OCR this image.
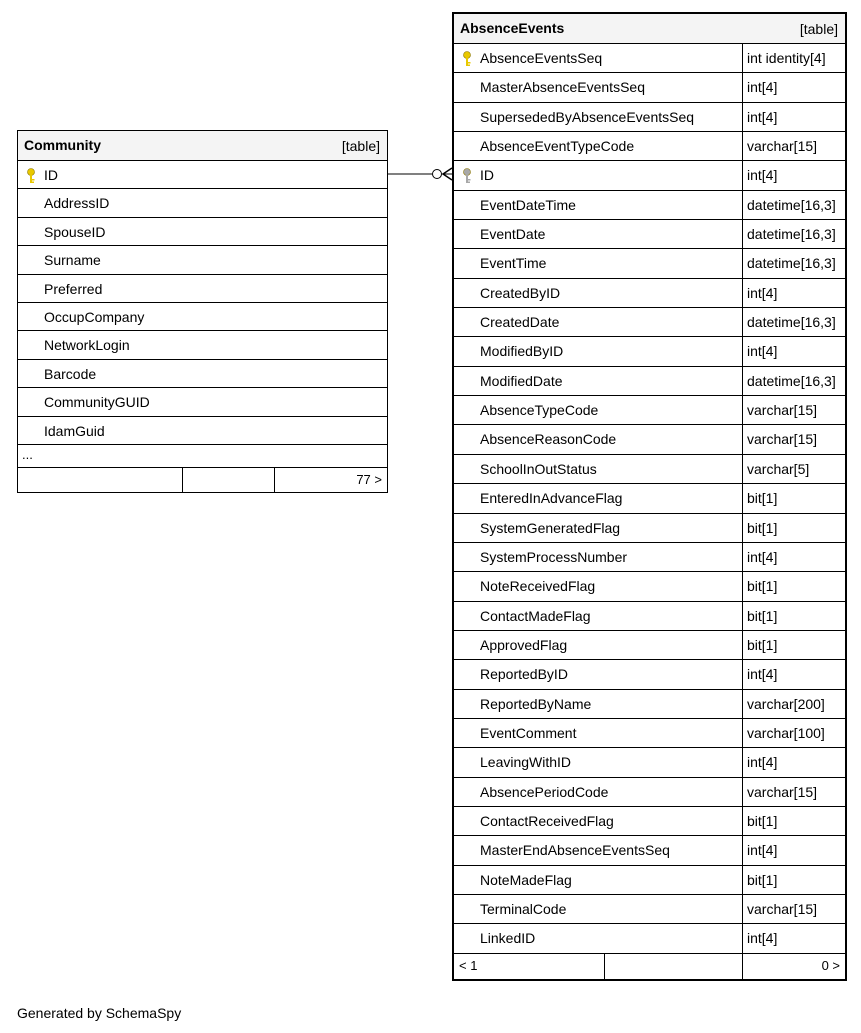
Community	[table]
ID
AddressID
SpouseID
Surname
Preferred
OccupCompany
NetworkLogin
Barcode
CommunityGUID
IdamGuid
...
77 >
AbsenceEvents	[table]
AbsenceEventsSeq	int identity[4]
MasterAbsenceEventsSeq	int[4]
SupersededByAbsenceEventsSeq	int[4]
AbsenceEventTypeCode	varchar[15]
ID	int[4]
EventDateTime	datetime[16,3]
EventDate	datetime[16,3]
EventTime	datetime[16,3]
CreatedByID	int[4]
CreatedDate	datetime[16,3]
ModifiedByID	int[4]
ModifiedDate	datetime[16,3]
AbsenceTypeCode	varchar[15]
AbsenceReasonCode	varchar[15]
SchoolInOutStatus	varchar[5]
EnteredInAdvanceFlag	bit[1]
SystemGeneratedFlag	bit[1]
SystemProcessNumber	int[4]
NoteReceivedFlag	bit[1]
ContactMadeFlag	bit[1]
ApprovedFlag	bit[1]
ReportedByID	int[4]
ReportedByName	varchar[200]
EventComment	varchar[100]
LeavingWithID	int[4]
AbsencePeriodCode	varchar[15]
ContactReceivedFlag	bit[1]
MasterEndAbsenceEventsSeq	int[4]
NoteMadeFlag	bit[1]
TerminalCode	varchar[15]
LinkedID	int[4]
< 1	0 >
Generated by SchemaSpy
